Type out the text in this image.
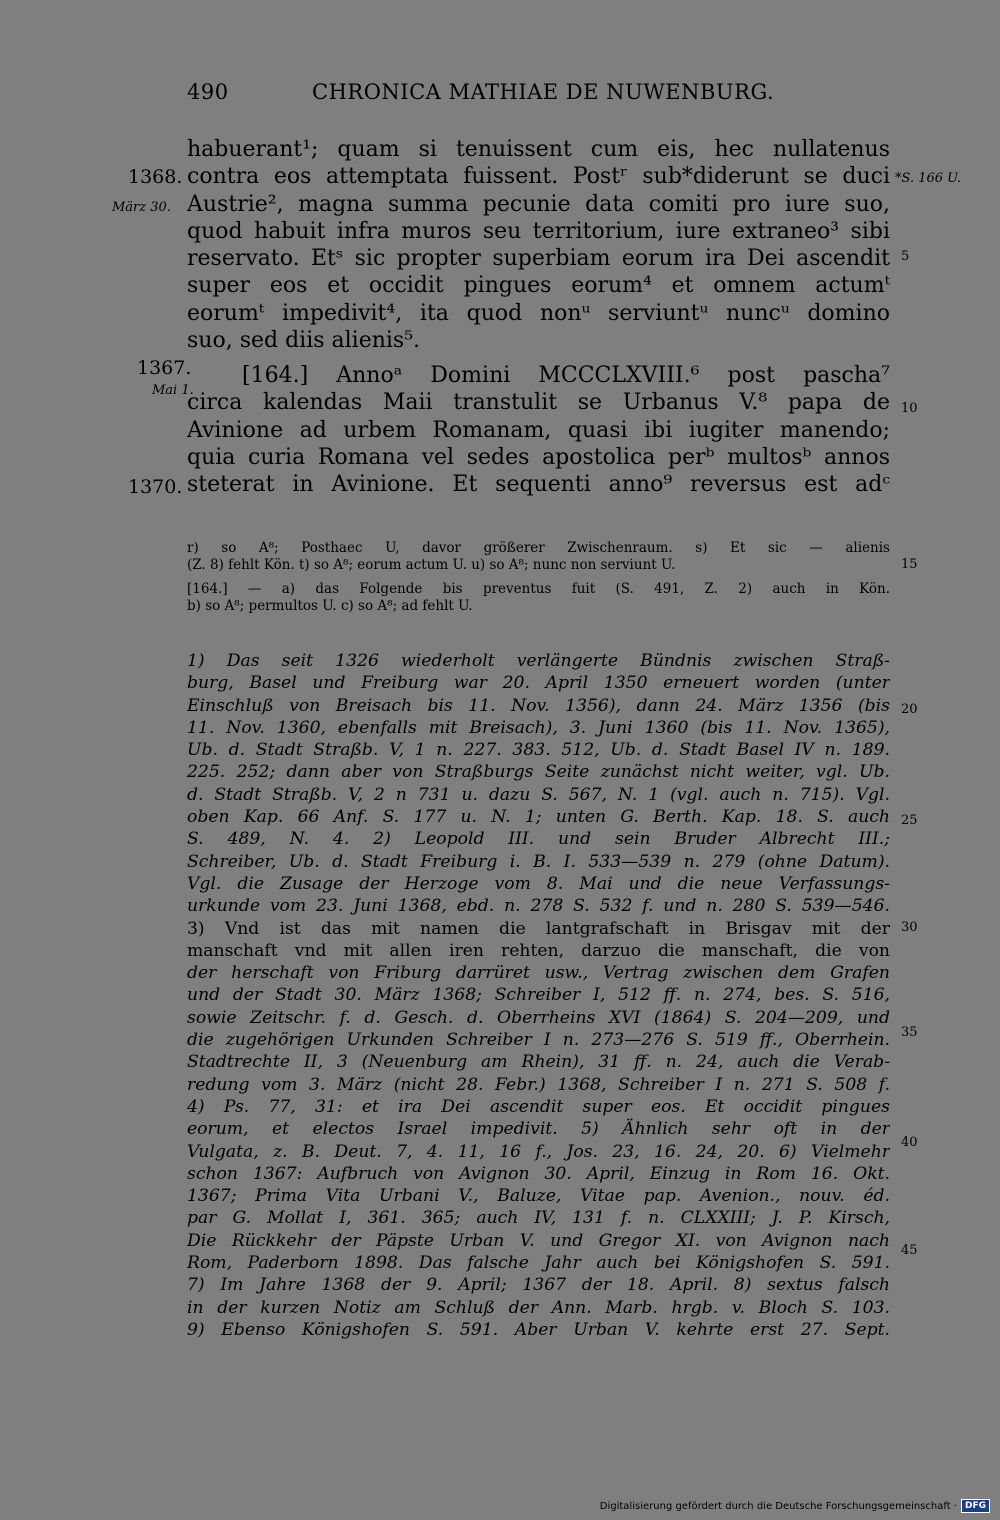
490	CHRONICA MATHIAE DE NUWENBURG.
habuerant¹; quam si tenuissent cum eis, hec nullatenus
contra eos attemptata fuissent. Postʳ sub*diderunt se duci
Austrie², magna summa pecunie data comiti pro iure suo,
quod habuit infra muros seu territorium, iure extraneo³ sibi
reservato. Etˢ sic propter superbiam eorum ira Dei ascendit
super eos et occidit pingues eorum⁴ et omnem actumᵗ
eorumᵗ impedivit⁴, ita quod nonᵘ serviuntᵘ nuncᵘ domino
suo, sed diis alienis⁵.
[164.] Annoᵃ Domini MCCCLXVIII.⁶ post pascha⁷
circa kalendas Maii transtulit se Urbanus V.⁸ papa de
Avinione ad urbem Romanam, quasi ibi iugiter manendo;
quia curia Romana vel sedes apostolica perᵇ multosᵇ annos
steterat in Avinione. Et sequenti anno⁹ reversus est adᶜ
1368.
März 30.
1367.
Mai 1.
1370.
*S. 166 U.
5
10
15
20
25
30
35
40
45
r) so A⁸; Posthaec U, davor größerer Zwischenraum. s) Et sic — alienis
(Z. 8) fehlt Kön. t) so A⁸; eorum actum U. u) so A⁸; nunc non serviunt U.
[164.] — a) das Folgende bis preventus fuit (S. 491, Z. 2) auch in Kön.
b) so A⁸; permultos U. c) so A⁸; ad fehlt U.
1) Das seit 1326 wiederholt verlängerte Bündnis zwischen Straß-
burg, Basel und Freiburg war 20. April 1350 erneuert worden (unter
Einschluß von Breisach bis 11. Nov. 1356), dann 24. März 1356 (bis
11. Nov. 1360, ebenfalls mit Breisach), 3. Juni 1360 (bis 11. Nov. 1365),
Ub. d. Stadt Straßb. V, 1 n. 227. 383. 512, Ub. d. Stadt Basel IV n. 189.
225. 252; dann aber von Straßburgs Seite zunächst nicht weiter, vgl. Ub.
d. Stadt Straßb. V, 2 n 731 u. dazu S. 567, N. 1 (vgl. auch n. 715). Vgl.
oben Kap. 66 Anf. S. 177 u. N. 1; unten G. Berth. Kap. 18. S. auch
S. 489, N. 4. 2) Leopold III. und sein Bruder Albrecht III.;
Schreiber, Ub. d. Stadt Freiburg i. B. I. 533—539 n. 279 (ohne Datum).
Vgl. die Zusage der Herzoge vom 8. Mai und die neue Verfassungs-
urkunde vom 23. Juni 1368, ebd. n. 278 S. 532 f. und n. 280 S. 539—546.
3) Vnd ist das mit namen die lantgrafschaft in Brisgav mit der
manschaft vnd mit allen iren rehten, darzuo die manschaft, die von
der herschaft von Friburg darrüret usw., Vertrag zwischen dem Grafen
und der Stadt 30. März 1368; Schreiber I, 512 ff. n. 274, bes. S. 516,
sowie Zeitschr. f. d. Gesch. d. Oberrheins XVI (1864) S. 204—209, und
die zugehörigen Urkunden Schreiber I n. 273—276 S. 519 ff., Oberrhein.
Stadtrechte II, 3 (Neuenburg am Rhein), 31 ff. n. 24, auch die Verab-
redung vom 3. März (nicht 28. Febr.) 1368, Schreiber I n. 271 S. 508 f.
4) Ps. 77, 31: et ira Dei ascendit super eos. Et occidit pingues
eorum, et electos Israel impedivit. 5) Ähnlich sehr oft in der
Vulgata, z. B. Deut. 7, 4. 11, 16 f., Jos. 23, 16. 24, 20. 6) Vielmehr
schon 1367: Aufbruch von Avignon 30. April, Einzug in Rom 16. Okt.
1367; Prima Vita Urbani V., Baluze, Vitae pap. Avenion., nouv. éd.
par G. Mollat I, 361. 365; auch IV, 131 f. n. CLXXIII; J. P. Kirsch,
Die Rückkehr der Päpste Urban V. und Gregor XI. von Avignon nach
Rom, Paderborn 1898. Das falsche Jahr auch bei Königshofen S. 591.
7) Im Jahre 1368 der 9. April; 1367 der 18. April. 8) sextus falsch
in der kurzen Notiz am Schluß der Ann. Marb. hrgb. v. Bloch S. 103.
9) Ebenso Königshofen S. 591. Aber Urban V. kehrte erst 27. Sept.
Digitalisierung gefördert durch die Deutsche Forschungsgemeinschaft · DFG
